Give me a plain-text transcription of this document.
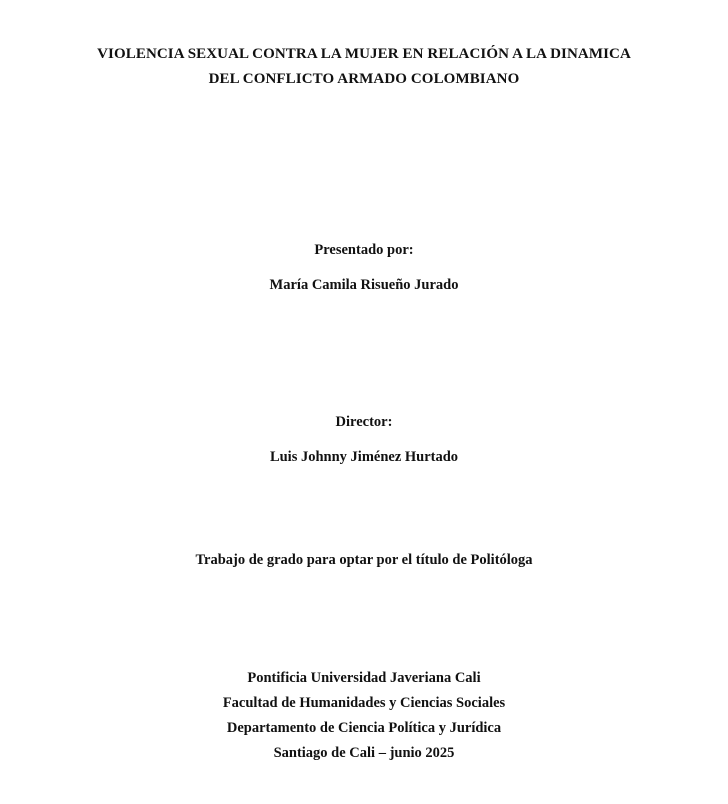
VIOLENCIA SEXUAL CONTRA LA MUJER EN RELACIÓN A LA DINAMICA
DEL CONFLICTO ARMADO COLOMBIANO
Presentado por:
María Camila Risueño Jurado
Director:
Luis Johnny Jiménez Hurtado
Trabajo de grado para optar por el título de Politóloga
Pontificia Universidad Javeriana Cali
Facultad de Humanidades y Ciencias Sociales
Departamento de Ciencia Política y Jurídica
Santiago de Cali – junio 2025
